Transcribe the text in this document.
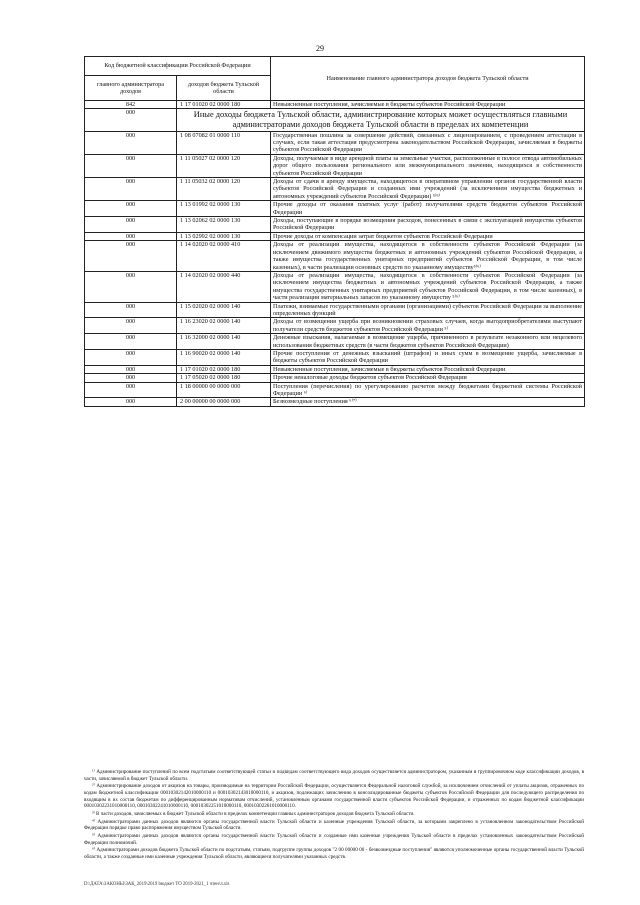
29
Код бюджетной классификации Российской Федерации		Наименование главного администратора доходов бюджета Тульской области
главного администратора доходов	доходов бюджета Тульской области	
842	1 17 01020 02 0000 180	Невыясненные поступления, зачисляемые в бюджеты субъектов Российской Федерации
000	Иные доходы бюджета Тульской области, администрирование которых может осуществляться главными администраторами доходов бюджета Тульской области в пределах их компетенции	
000	1 08 07082 01 0000 110	Государственная пошлина за совершение действий, связанных с лицензированием, с проведением аттестации в случаях, если такая аттестация предусмотрена законодательством Российской Федерации, зачисляемая в бюджеты субъектов Российской Федерации
000	1 11 05027 02 0000 120	Доходы, получаемые в виде арендной платы за земельные участки, расположенные в полосе отвода автомобильных дорог общего пользования регионального или межмуниципального значения, находящихся в собственности субъектов Российской Федерации
000	1 11 05032 02 0000 120	Доходы от сдачи в аренду имущества, находящегося в оперативном управлении органов государственной власти субъектов Российской Федерации и созданных ими учреждений (за исключением имущества бюджетных и автономных учреждений субъектов Российской Федерации) ⁵⁾⁶⁾
000	1 13 01992 02 0000 130	Прочие доходы от оказания платных услуг (работ) получателями средств бюджетов субъектов Российской Федерации
000	1 13 02062 02 0000 130	Доходы, поступающие в порядке возмещения расходов, понесенных в связи с эксплуатацией имущества субъектов Российской Федерации
000	1 13 02992 02 0000 130	Прочие доходы от компенсации затрат бюджетов субъектов Российской Федерации
000	1 14 02020 02 0000 410	Доходы от реализации имущества, находящегося в собственности субъектов Российской Федерации (за исключением движимого имущества бюджетных и автономных учреждений субъектов Российской Федерации, а также имущества государственных унитарных предприятий субъектов Российской Федерации, в том числе казенных), в части реализации основных средств по указанному имуществу⁵⁾⁶⁾
000	1 14 02020 02 0000 440	Доходы от реализации имущества, находящегося в собственности субъектов Российской Федерации (за исключением имущества бюджетных и автономных учреждений субъектов Российской Федерации, а также имущества государственных унитарных предприятий субъектов Российской Федерации, в том числе казенных), в части реализации материальных запасов по указанному имуществу ⁵⁾⁶⁾
000	1 15 02020 02 0000 140	Платежи, взимаемые государственными органами (организациями) субъектов Российской Федерации за выполнение определенных функций
000	1 16 23020 02 0000 140	Доходы от возмещения ущерба при возникновении страховых случаев, когда выгодоприобретателями выступают получатели средств бюджетов субъектов Российской Федерации ⁵⁾
000	1 16 32000 02 0000 140	Денежные взыскания, налагаемые в возмещение ущерба, причиненного в результате незаконного или нецелевого использования бюджетных средств (в части бюджетов субъектов Российской Федерации)
000	1 16 90020 02 0000 140	Прочие поступления от денежных взысканий (штрафов) и иных сумм в возмещение ущерба, зачисляемые в бюджеты субъектов Российской Федерации
000	1 17 01020 02 0000 180	Невыясненные поступления, зачисляемые в бюджеты субъектов Российской Федерации
000	1 17 05020 02 0000 180	Прочие неналоговые доходы бюджетов субъектов Российской Федерации
000	1 18 00000 00 0000 000	Поступления (перечисления) по урегулированию расчетов между бюджетами бюджетной системы Российской Федерации ⁶⁾
000	2 00 00000 00 0000 000	Безвозмездные поступления ⁶⁾⁷⁾

¹⁾ Администрирование поступлений по всем подстатьям соответствующей статьи и подвидам соответствующего вида доходов осуществляется администратором, указанным в группировочном коде классификации доходов, в части, зачисляемой в бюджет Тульской области.

²⁾ Администрирование доходов от акцизов на товары, производимые на территории Российской Федерации, осуществляется Федеральной налоговой службой, за исключением отчислений от уплаты акцизов, отраженных по кодам бюджетной классификации 00010302142010000110 и 00010302143010000110, и акцизов, подлежащих зачислению в консолидированные бюджеты субъектов Российской Федерации для последующего распределения по входящим в их состав бюджетам по дифференцированным нормативам отчислений, установленным органами государственной власти субъектов Российской Федерации, и отраженных по кодам бюджетной классификации 00010302231010000110, 00010302241010000110, 00010302251010000110, 00010302261010000110.

³⁾ В части доходов, зачисляемых в бюджет Тульской области в пределах компетенции главных администраторов доходов бюджета Тульской области.

⁴⁾ Администраторами данных доходов являются органы государственной власти Тульской области и казенные учреждения Тульской области, за которыми закреплено в установленном законодательством Российской Федерации порядке право распоряжения имуществом Тульской области.

⁵⁾ Администраторами данных доходов являются органы государственной власти Тульской области и созданные ими казенные учреждения Тульской области в пределах установленных законодательством Российской Федерации полномочий.

⁶⁾ Администраторами доходов бюджета Тульской области по подстатьям, статьям, подгруппе группы доходов "2 00 00000 00 - безвозмездные поступления" являются уполномоченные органы государственной власти Тульской области, а также созданные ими казенные учреждения Тульской области, являющиеся получателями указанных средств.

D:\ДАТА\ЗАКОНЫ\ЗАК_2019\2019 bюджет ТО 2019-2021_1 чтен\л.xls
